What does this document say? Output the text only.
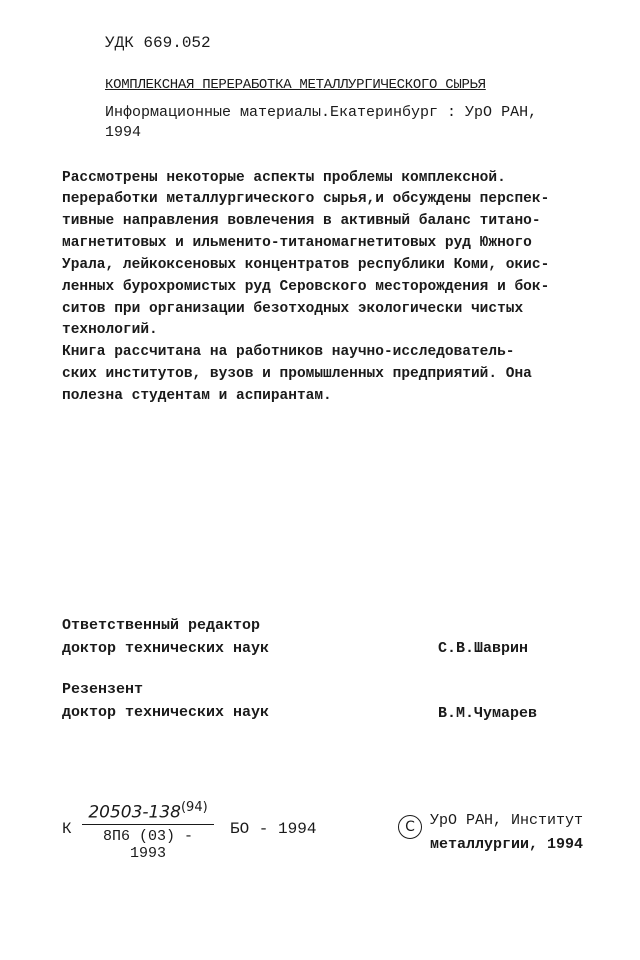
УДК 669.052
КОМПЛЕКСНАЯ ПЕРЕРАБОТКА МЕТАЛЛУРГИЧЕСКОГО СЫРЬЯ
Информационные материалы.Екатеринбург : УрО РАН,
1994
Рассмотрены некоторые аспекты проблемы комплексной.
переработки металлургического сырья,и обсуждены перспек-
тивные направления вовлечения в активный баланс титано-
магнетитовых и ильменито-титаномагнетитовых руд Южного
Урала, лейкоксеновых концентратов республики Коми, окис-
ленных бурохромистых руд Серовского месторождения и бок-
ситов при организации безотходных экологически чистых
технологий.
Книга рассчитана на работников научно-исследователь-
ских институтов, вузов и промышленных предприятий. Она
полезна студентам и аспирантам.
Ответственный редактор
доктор технических наук	С.В.Шаврин
Резензент
доктор технических наук	В.М.Чумарев
К
20503-138$^{(94)}$
8П6 (03) - 1993
БО - 1994	C	УрО РАН, Институт
металлургии, 1994
